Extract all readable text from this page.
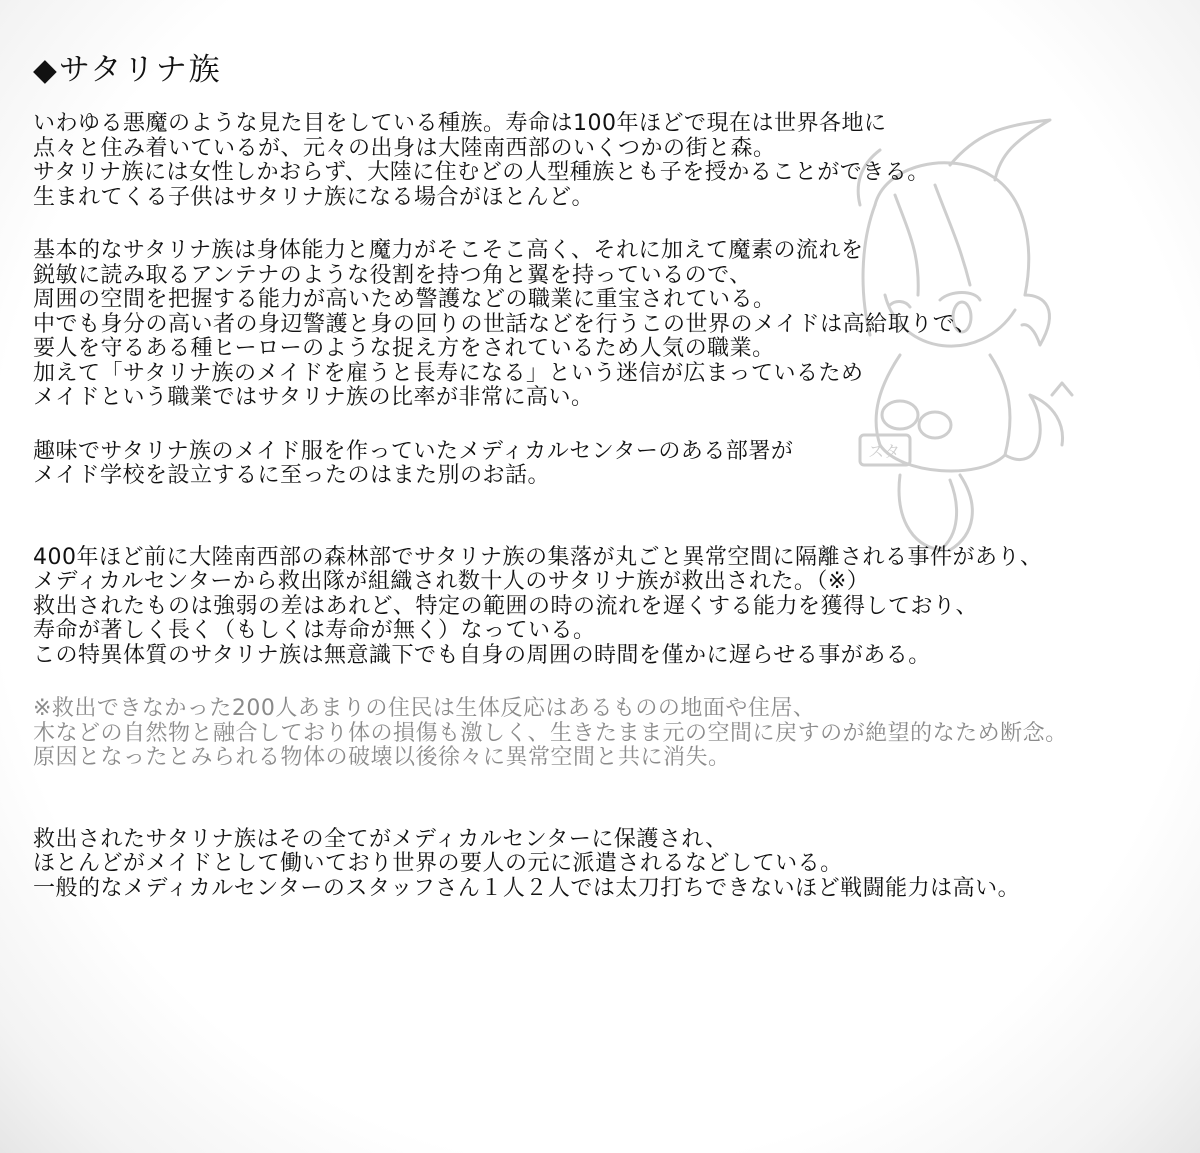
スタ
◆サタリナ族
いわゆる悪魔のような見た目をしている種族。寿命は100年ほどで現在は世界各地に
点々と住み着いているが、元々の出身は大陸南西部のいくつかの街と森。
サタリナ族には女性しかおらず、大陸に住むどの人型種族とも子を授かることができる。
生まれてくる子供はサタリナ族になる場合がほとんど。
基本的なサタリナ族は身体能力と魔力がそこそこ高く、それに加えて魔素の流れを
鋭敏に読み取るアンテナのような役割を持つ角と翼を持っているので、
周囲の空間を把握する能力が高いため警護などの職業に重宝されている。
中でも身分の高い者の身辺警護と身の回りの世話などを行うこの世界のメイドは高給取りで、
要人を守るある種ヒーローのような捉え方をされているため人気の職業。
加えて「サタリナ族のメイドを雇うと長寿になる」という迷信が広まっているため
メイドという職業ではサタリナ族の比率が非常に高い。
趣味でサタリナ族のメイド服を作っていたメディカルセンターのある部署が
メイド学校を設立するに至ったのはまた別のお話。
400年ほど前に大陸南西部の森林部でサタリナ族の集落が丸ごと異常空間に隔離される事件があり、
メディカルセンターから救出隊が組織され数十人のサタリナ族が救出された。（※）
救出されたものは強弱の差はあれど、特定の範囲の時の流れを遅くする能力を獲得しており、
寿命が著しく長く（もしくは寿命が無く）なっている。
この特異体質のサタリナ族は無意識下でも自身の周囲の時間を僅かに遅らせる事がある。
※救出できなかった200人あまりの住民は生体反応はあるものの地面や住居、
木などの自然物と融合しており体の損傷も激しく、生きたまま元の空間に戻すのが絶望的なため断念。
原因となったとみられる物体の破壊以後徐々に異常空間と共に消失。
救出されたサタリナ族はその全てがメディカルセンターに保護され、
ほとんどがメイドとして働いており世界の要人の元に派遣されるなどしている。
一般的なメディカルセンターのスタッフさん１人２人では太刀打ちできないほど戦闘能力は高い。
